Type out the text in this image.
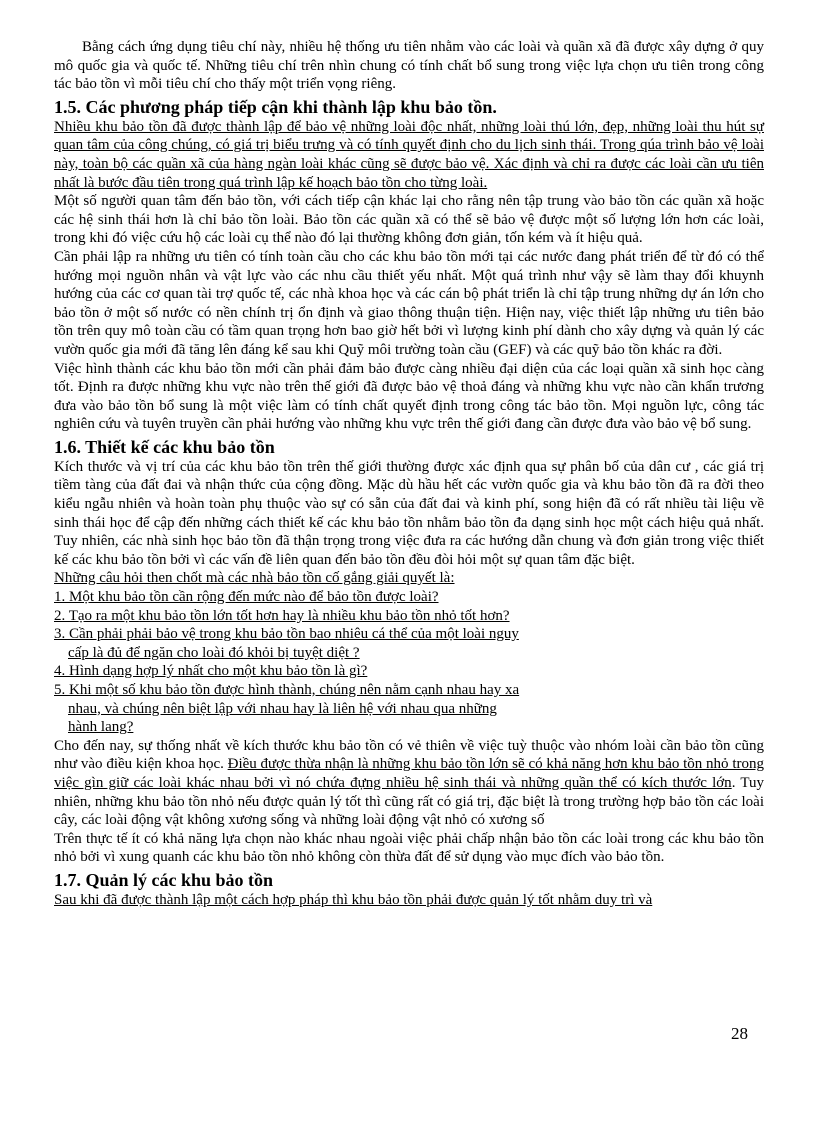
Bằng cách ứng dụng tiêu chí này, nhiều hệ thống ưu tiên nhằm vào các loài và quần xã đã được xây dựng ở quy mô quốc gia và quốc tế. Những tiêu chí trên nhìn chung có tính chất bổ sung trong việc lựa chọn ưu tiên trong công tác bảo tồn vì mỗi tiêu chí cho thấy một triển vọng riêng.

1.5. Các phương pháp tiếp cận khi thành lập khu bảo tồn.

Nhiều khu bảo tồn đã được thành lập để bảo vệ những loài độc nhất, những loài thú lớn, đẹp, những loài thu hút sự quan tâm của công chúng, có giá trị biểu trưng và có tính quyết định cho du lịch sinh thái. Trong qúa trình bảo vệ loài này, toàn bộ các quần xã của hàng ngàn loài khác cũng sẽ được bảo vệ. Xác định và chỉ ra được các loài cần ưu tiên nhất là bước đầu tiên trong quá trình lập kế hoạch bảo tồn cho từng loài.

Một số người quan tâm đến bảo tồn, với cách tiếp cận khác lại cho rằng nên tập trung vào bảo tồn các quần xã hoặc các hệ sinh thái hơn là chỉ bảo tồn loài. Bảo tồn các quần xã có thể sẽ bảo vệ được một số lượng lớn hơn các loài, trong khi đó việc cứu hộ các loài cụ thể nào đó lại thường không đơn giản, tốn kém và ít hiệu quả.

Cần phải lập ra những ưu tiên có tính toàn cầu cho các khu bảo tồn mới tại các nước đang phát triển để từ đó có thể hướng mọi nguồn nhân và vật lực vào các nhu cầu thiết yếu nhất. Một quá trình như vậy sẽ làm thay đổi khuynh hướng của các cơ quan tài trợ quốc tế, các nhà khoa học và các cán bộ phát triển là chỉ tập trung những dự án lớn cho bảo tồn ở một số nước có nền chính trị ổn định và giao thông thuận tiện. Hiện nay, việc thiết lập những ưu tiên bảo tồn trên quy mô toàn cầu có tầm quan trọng hơn bao giờ hết bởi vì lượng kinh phí dành cho xây dựng và quản lý các vườn quốc gia mới đã tăng lên đáng kể sau khi Quỹ môi trường toàn cầu (GEF) và các quỹ bảo tồn khác ra đời.

Việc hình thành các khu bảo tồn mới cần phải đảm bảo được càng nhiều đại diện của các loại quần xã sinh học càng tốt. Định ra được những khu vực nào trên thế giới đã được bảo vệ thoả đáng và những khu vực nào cần khẩn trương đưa vào bảo tồn bổ sung là một việc làm có tính chất quyết định trong công tác bảo tồn. Mọi nguồn lực, công tác nghiên cứu và tuyên truyền cần phải hướng vào những khu vực trên thế giới đang cần được đưa vào bảo vệ bổ sung.

1.6. Thiết kế các khu bảo tồn

Kích thước và vị trí của các khu bảo tồn trên thế giới thường được xác định qua sự phân bố của dân cư , các giá trị tiềm tàng của đất đai và nhận thức của cộng đồng. Mặc dù hầu hết các vườn quốc gia và khu bảo tồn đã ra đời theo kiểu ngẫu nhiên và hoàn toàn phụ thuộc vào sự có sẵn của đất đai và kinh phí, song hiện đã có rất nhiều tài liệu về sinh thái học để cập đến những cách thiết kế các khu bảo tồn nhằm bảo tồn đa dạng sinh học một cách hiệu quả nhất. Tuy nhiên, các nhà sinh học bảo tồn đã thận trọng trong việc đưa ra các hướng dẫn chung và đơn giản trong việc thiết kế các khu bảo tồn bởi vì các vấn đề liên quan đến bảo tồn đều đòi hỏi một sự quan tâm đặc biệt.

Những câu hỏi then chốt mà các nhà bảo tồn cố gắng giải quyết là:

1. Một khu bảo tồn cần rộng đến mức nào để bảo tồn được loài?

2. Tạo ra một khu bảo tồn lớn tốt hơn hay là nhiều khu bảo tồn nhỏ tốt hơn?

3. Cần phải phải bảo vệ trong khu bảo tồn bao nhiêu cá thể của một loài nguy

cấp là đủ để ngăn cho loài đó khỏi bị tuyệt diệt ?

4. Hình dạng hợp lý nhất cho một khu bảo tồn là gì?

5. Khi một số khu bảo tồn được hình thành, chúng nên nằm cạnh nhau hay xa

nhau, và chúng nên biệt lập với nhau hay là liên hệ với nhau qua những

hành lang?

Cho đến nay, sự thống nhất về kích thước khu bảo tồn có vẻ thiên về việc tuỳ thuộc vào nhóm loài cần bảo tồn cũng như vào điều kiện khoa học. Điều được thừa nhận là những khu bảo tồn lớn sẽ có khả năng hơn khu bảo tồn nhỏ trong việc gìn giữ các loài khác nhau bởi vì nó chứa đựng nhiều hệ sinh thái và những quần thể có kích thước lớn. Tuy nhiên, những khu bảo tồn nhỏ nếu được quản lý tốt thì cũng rất có giá trị, đặc biệt là trong trường hợp bảo tồn các loài cây, các loài động vật không xương sống và những loài động vật nhỏ có xương số

Trên thực tế ít có khả năng lựa chọn nào khác nhau ngoài việc phải chấp nhận bảo tồn các loài trong các khu bảo tồn nhỏ bởi vì xung quanh các khu bảo tồn nhỏ không còn thừa đất để sử dụng vào mục đích vào bảo tồn.

1.7. Quản lý các khu bảo tồn

Sau khi đã được thành lập một cách hợp pháp thì khu bảo tồn phải được quản lý tốt nhằm duy trì và

28
